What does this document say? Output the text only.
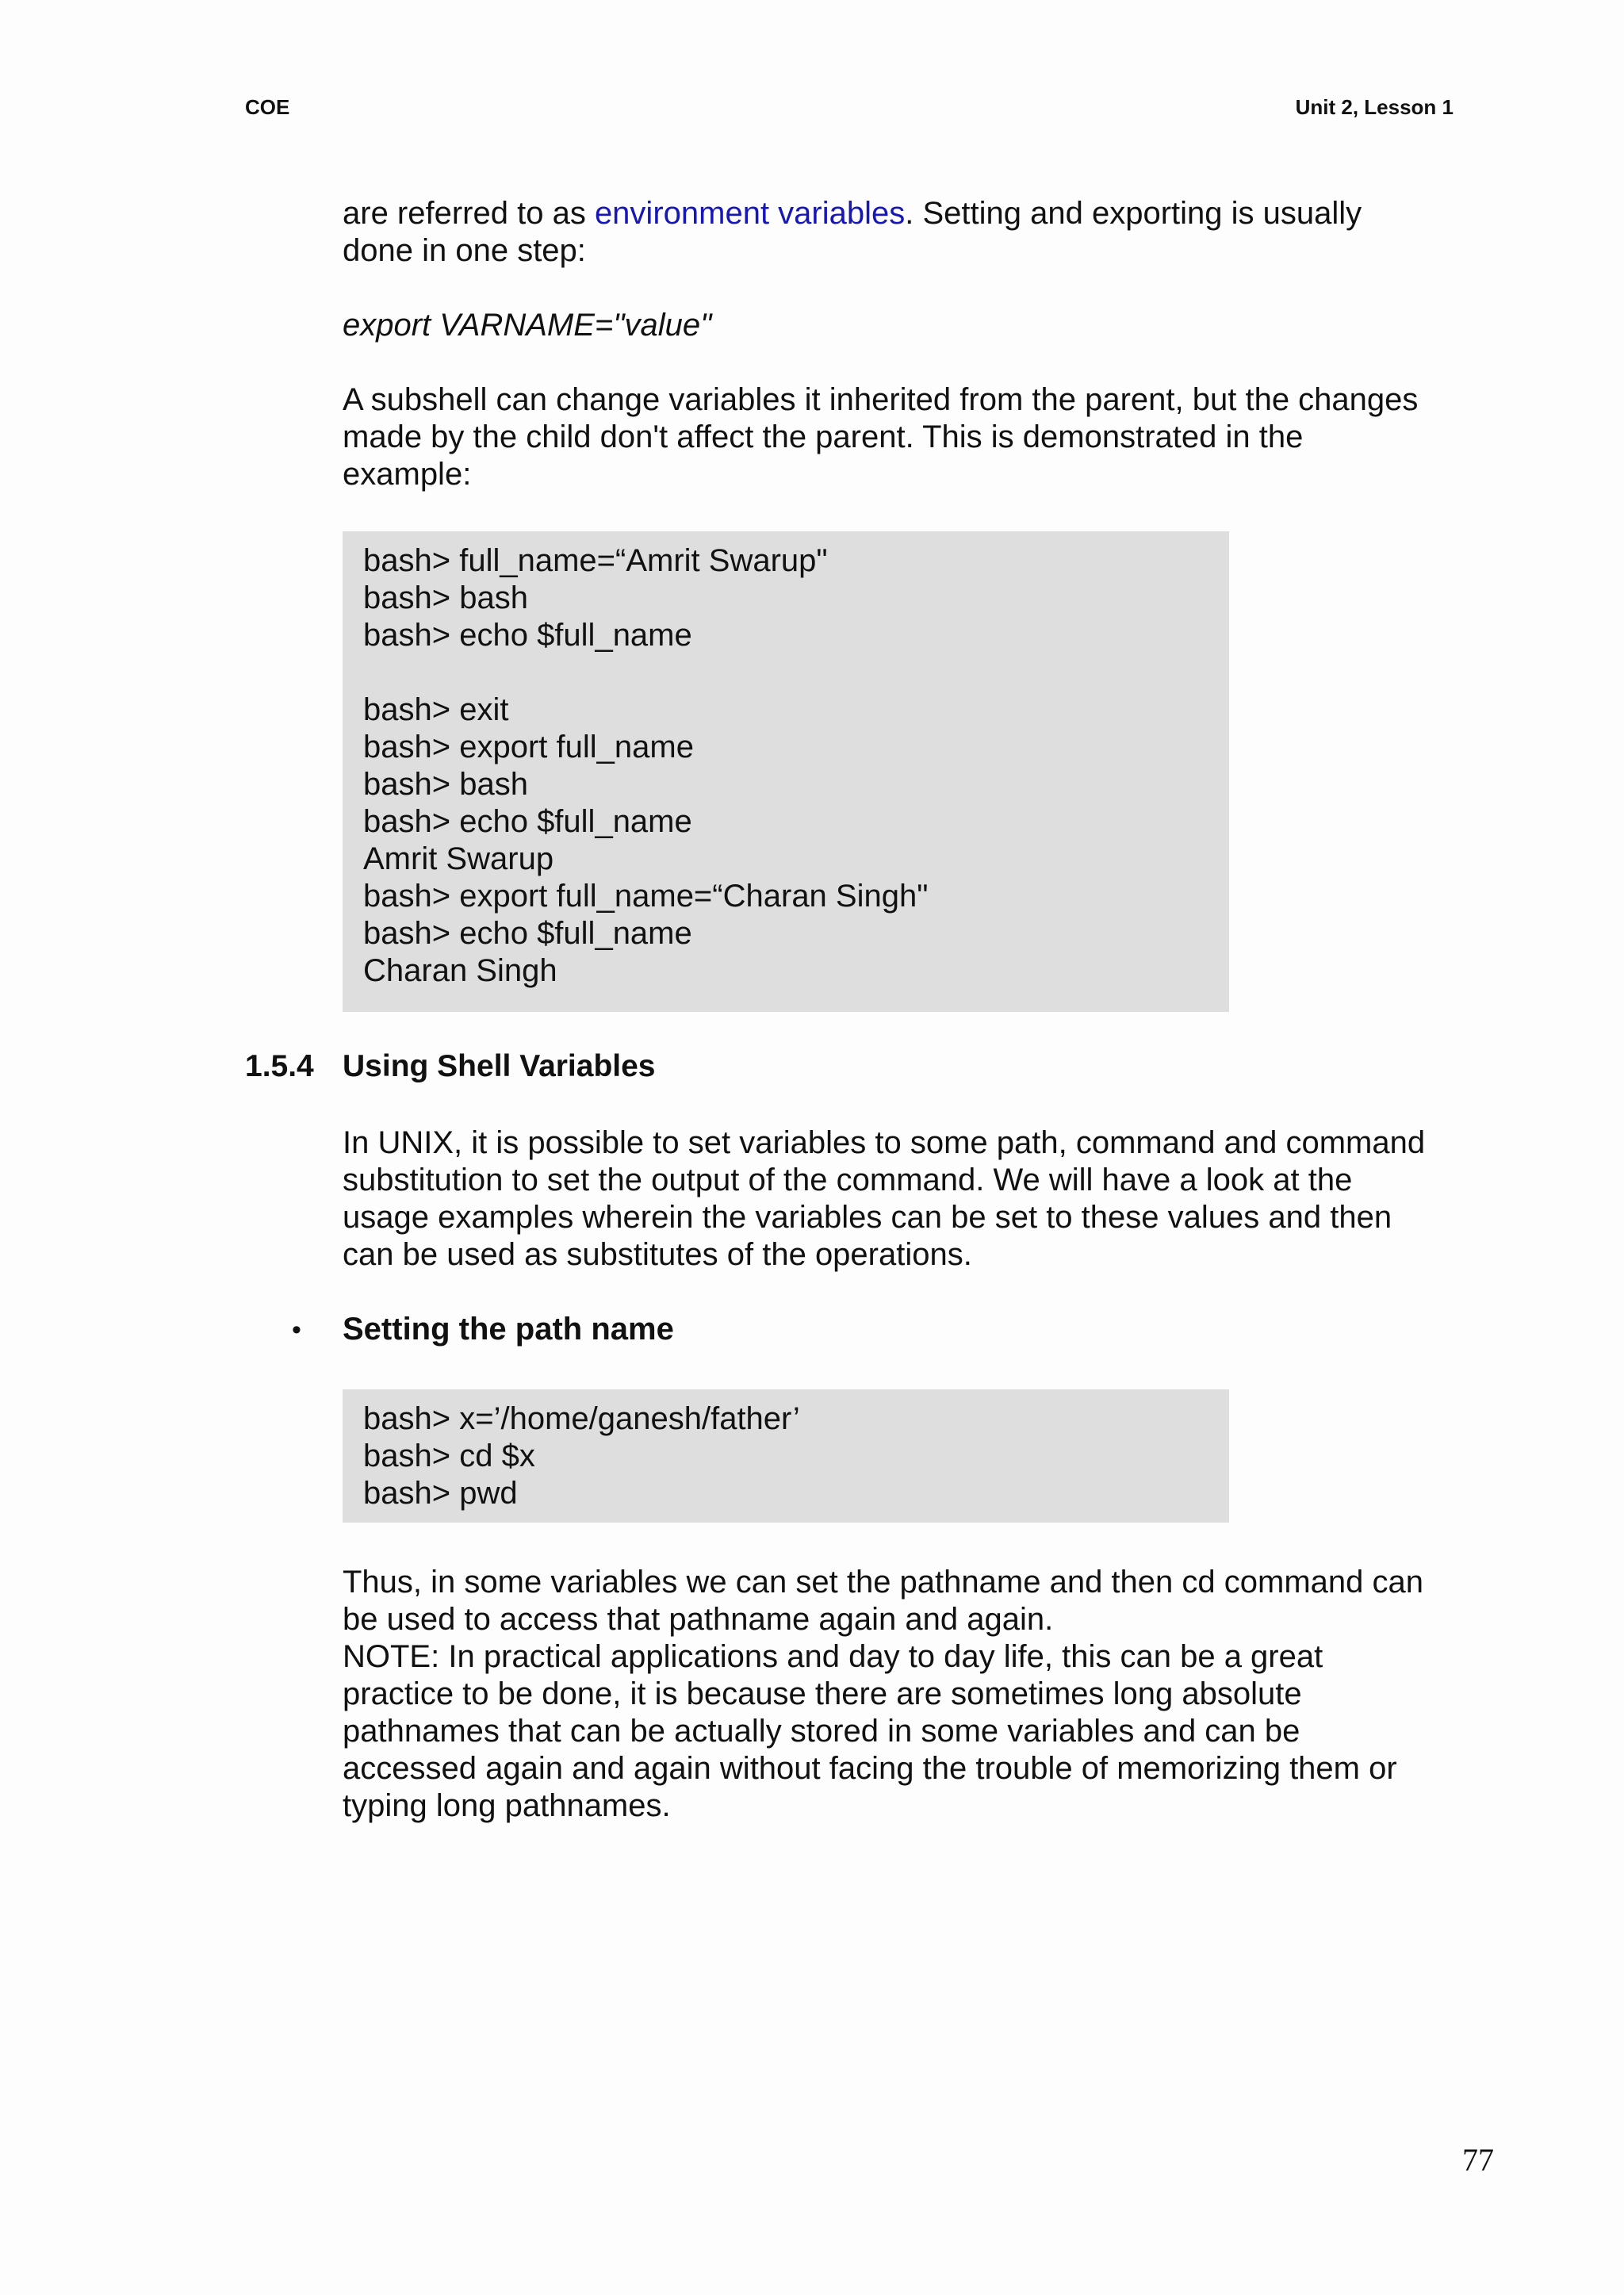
COE	Unit 2, Lesson 1

are referred to as environment variables. Setting and exporting is usually
done in one step:

export VARNAME="value"

A subshell can change variables it inherited from the parent, but the changes
made by the child don't affect the parent. This is demonstrated in the
example:

bash> full_name=“Amrit Swarup"
bash> bash
bash> echo $full_name
bash> exit
bash> export full_name
bash> bash
bash> echo $full_name
Amrit Swarup
bash> export full_name=“Charan Singh"
bash> echo $full_name
Charan Singh
1.5.4 Using Shell Variables

In UNIX, it is possible to set variables to some path, command and command
substitution to set the output of the command. We will have a look at the
usage examples wherein the variables can be set to these values and then
can be used as substitutes of the operations.

• Setting the path name
bash> x=’/home/ganesh/father’
bash> cd $x
bash> pwd

Thus, in some variables we can set the pathname and then cd command can
be used to access that pathname again and again.
NOTE: In practical applications and day to day life, this can be a great
practice to be done, it is because there are sometimes long absolute
pathnames that can be actually stored in some variables and can be
accessed again and again without facing the trouble of memorizing them or
typing long pathnames.

77
